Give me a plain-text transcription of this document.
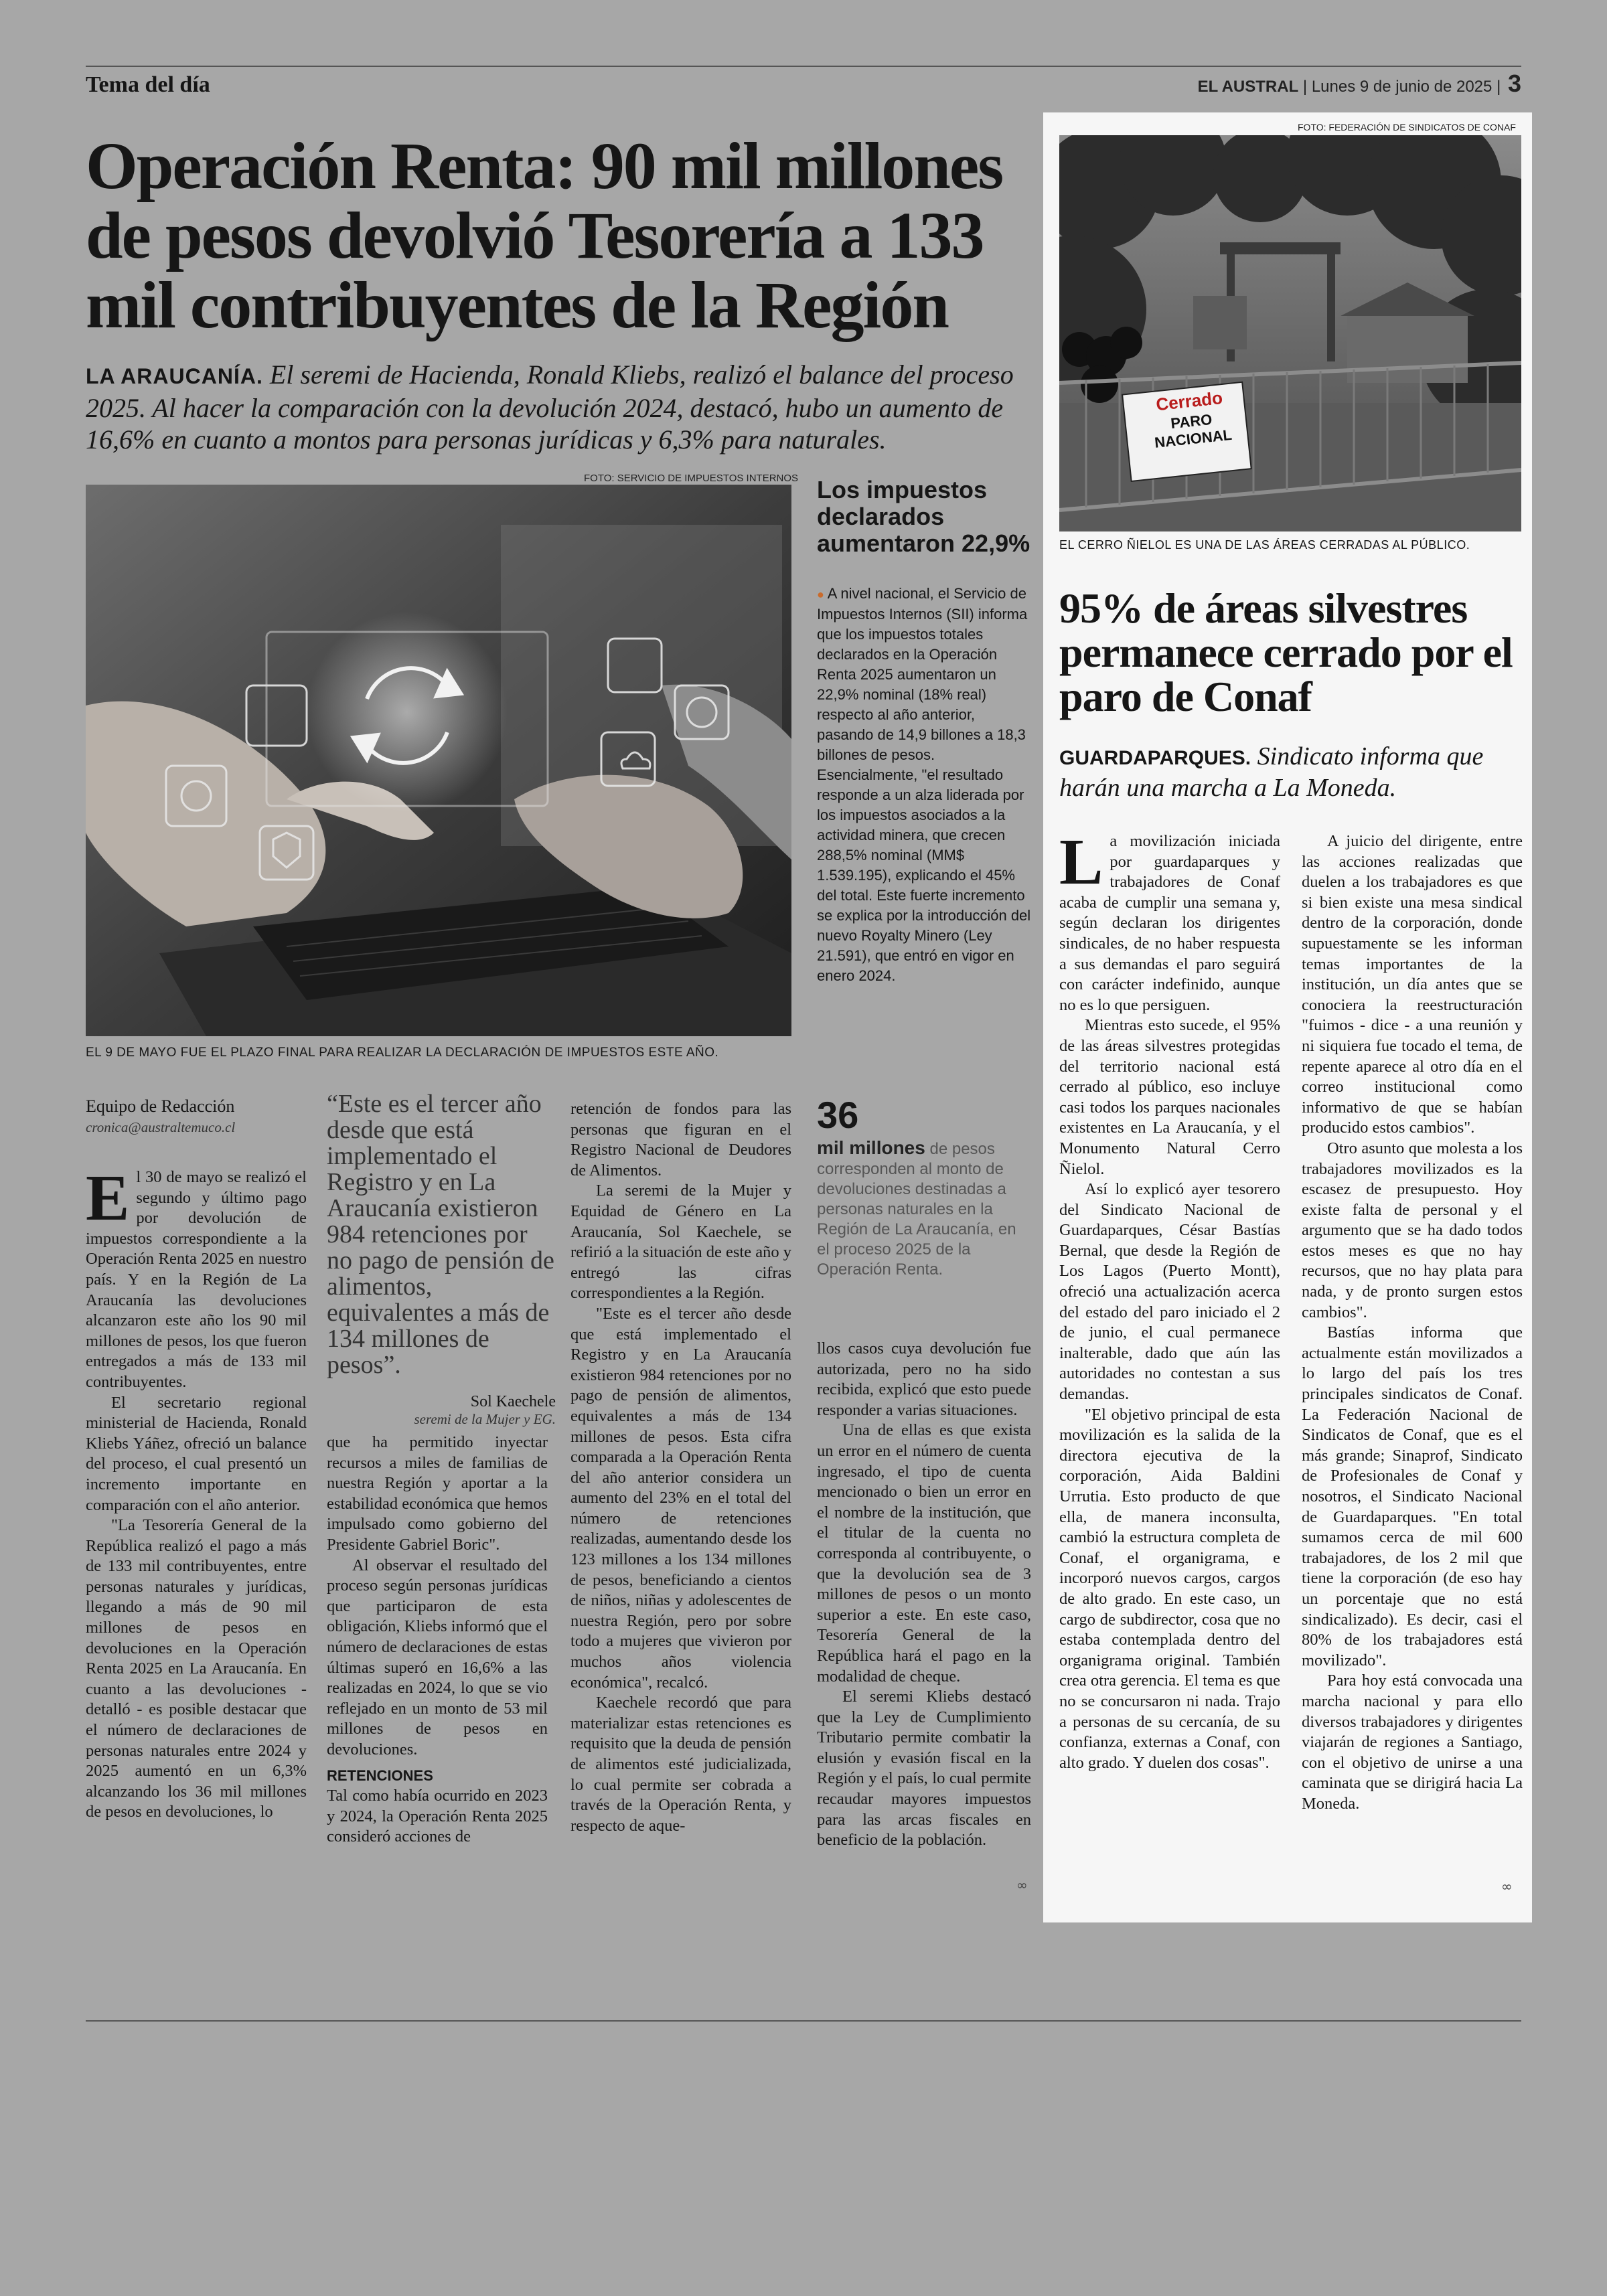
Tema del día	EL AUSTRAL | Lunes 9 de junio de 2025 | 3
Operación Renta: 90 mil millones de pesos devolvió Tesorería a 133 mil contribuyentes de la Región
LA ARAUCANÍA. El seremi de Hacienda, Ronald Kliebs, realizó el balance del proceso 2025. Al hacer la comparación con la devolución 2024, destacó, hubo un aumento de 16,6% en cuanto a montos para personas jurídicas y 6,3% para naturales.
FOTO: SERVICIO DE IMPUESTOS INTERNOS
EL 9 DE MAYO FUE EL PLAZO FINAL PARA REALIZAR LA DECLARACIÓN DE IMPUESTOS ESTE AÑO.
Los impuestos declarados aumentaron 22,9%
● A nivel nacional, el Servicio de Impuestos Internos (SII) informa que los impuestos totales declarados en la Operación Renta 2025 aumentaron un 22,9% nominal (18% real) respecto al año anterior, pasando de 14,9 billones a 18,3 billones de pesos. Esencialmente, "el resultado responde a un alza liderada por los impuestos asociados a la actividad minera, que crecen 288,5% nominal (MM$ 1.539.195), explicando el 45% del total. Este fuerte incremento se explica por la introducción del nuevo Royalty Minero (Ley 21.591), que entró en vigor en enero 2024.
Equipo de Redacción
cronica@australtemuco.cl
E l 30 de mayo se realizó el segundo y último pago por devolución de impuestos correspondiente a la Operación Renta 2025 en nuestro país. Y en la Región de La Araucanía las devoluciones alcanzaron este año los 90 mil millones de pesos, los que fueron entregados a más de 133 mil contribuyentes.

El secretario regional ministerial de Hacienda, Ronald Kliebs Yáñez, ofreció un balance del proceso, el cual presentó un incremento importante en comparación con el año anterior.

"La Tesorería General de la República realizó el pago a más de 133 mil contribuyentes, entre personas naturales y jurídicas, llegando a más de 90 mil millones de pesos en devoluciones en la Operación Renta 2025 en La Araucanía. En cuanto a las devoluciones - detalló - es posible destacar que el número de declaraciones de personas naturales entre 2024 y 2025 aumentó en un 6,3% alcanzando los 36 mil millones de pesos en devoluciones, lo

“Este es el tercer año desde que está implementado el Registro y en La Araucanía existieron 984 retenciones por no pago de pensión de alimentos, equivalentes a más de 134 millones de pesos”.
Sol Kaechele
seremi de la Mujer y EG.

que ha permitido inyectar recursos a miles de familias de nuestra Región y aportar a la estabilidad económica que hemos impulsado como gobierno del Presidente Gabriel Boric".

Al observar el resultado del proceso según personas jurídicas que participaron de esta obligación, Kliebs informó que el número de declaraciones de estas últimas superó en 16,6% a las realizadas en 2024, lo que se vio reflejado en un monto de 53 mil millones de pesos en devoluciones.

RETENCIONES

Tal como había ocurrido en 2023 y 2024, la Operación Renta 2025 consideró acciones de

retención de fondos para las personas que figuran en el Registro Nacional de Deudores de Alimentos.

La seremi de la Mujer y Equidad de Género en La Araucanía, Sol Kaechele, se refirió a la situación de este año y entregó las cifras correspondientes a la Región.

"Este es el tercer año desde que está implementado el Registro y en La Araucanía existieron 984 retenciones por no pago de pensión de alimentos, equivalentes a más de 134 millones de pesos. Esta cifra comparada a la Operación Renta del año anterior considera un aumento del 23% en el total del número de retenciones realizadas, aumentando desde los 123 millones a los 134 millones de pesos, beneficiando a cientos de niños, niñas y adolescentes de nuestra Región, pero por sobre todo a mujeres que vivieron por muchos años violencia económica", recalcó.

Kaechele recordó que para materializar estas retenciones es requisito que la deuda de pensión de alimentos esté judicializada, lo cual permite ser cobrada a través de la Operación Renta, y respecto de aque-

36
mil millones de pesos corresponden al monto de devoluciones destinadas a personas naturales en la Región de La Araucanía, en el proceso 2025 de la Operación Renta.

llos casos cuya devolución fue autorizada, pero no ha sido recibida, explicó que esto puede responder a varias situaciones.

Una de ellas es que exista un error en el número de cuenta ingresado, el tipo de cuenta mencionado o bien un error en el nombre de la institución, que el titular de la cuenta no corresponda al contribuyente, o que la devolución sea de 3 millones de pesos o un monto superior a este. En este caso, Tesorería General de la República hará el pago en la modalidad de cheque.

El seremi Kliebs destacó que la Ley de Cumplimiento Tributario permite combatir la elusión y evasión fiscal en la Región y el país, lo cual permite recaudar mayores impuestos para las arcas fiscales en beneficio de la población.

∞
FOTO: FEDERACIÓN DE SINDICATOS DE CONAF
Cerrado
PARO
NACIONAL
EL CERRO ÑIELOL ES UNA DE LAS ÁREAS CERRADAS AL PÚBLICO.
95% de áreas silvestres permanece cerrado por el paro de Conaf
GUARDAPARQUES. Sindicato informa que harán una marcha a La Moneda.
L a movilización iniciada por guardaparques y trabajadores de Conaf acaba de cumplir una semana y, según declaran los dirigentes sindicales, de no haber respuesta a sus demandas el paro seguirá con carácter indefinido, aunque no es lo que persiguen.

Mientras esto sucede, el 95% de las áreas silvestres protegidas del territorio nacional está cerrado al público, eso incluye casi todos los parques nacionales existentes en La Araucanía, y el Monumento Natural Cerro Ñielol.

Así lo explicó ayer tesorero del Sindicato Nacional de Guardaparques, César Bastías Bernal, que desde la Región de Los Lagos (Puerto Montt), ofreció una actualización acerca del estado del paro iniciado el 2 de junio, el cual permanece inalterable, dado que aún las autoridades no contestan a sus demandas.

"El objetivo principal de esta movilización es la salida de la directora ejecutiva de la corporación, Aida Baldini Urrutia. Esto producto de que ella, de manera inconsulta, cambió la estructura completa de Conaf, el organigrama, e incorporó nuevos cargos, cargos de alto grado. En este caso, un cargo de subdirector, cosa que no estaba contemplada dentro del organigrama original. También crea otra gerencia. El tema es que no se concursaron ni nada. Trajo a personas de su cercanía, de su confianza, externas a Conaf, con alto grado. Y duelen dos cosas".

A juicio del dirigente, entre las acciones realizadas que duelen a los trabajadores es que si bien existe una mesa sindical dentro de la corporación, donde supuestamente se les informan temas importantes de la institución, un día antes que se conociera la reestructuración "fuimos - dice - a una reunión y ni siquiera fue tocado el tema, de repente aparece al otro día en el correo institucional como informativo de que se habían producido estos cambios".

Otro asunto que molesta a los trabajadores movilizados es la escasez de presupuesto. Hoy existe falta de personal y el argumento que se ha dado todos estos meses es que no hay recursos, que no hay plata para nada, y de pronto surgen estos cambios".

Bastías informa que actualmente están movilizados a lo largo del país los tres principales sindicatos de Conaf. La Federación Nacional de Sindicatos de Conaf, que es el más grande; Sinaprof, Sindicato de Profesionales de Conaf y nosotros, el Sindicato Nacional de Guardaparques. "En total sumamos cerca de mil 600 trabajadores, de los 2 mil que tiene la corporación (de eso hay un porcentaje que no está sindicalizado). Es decir, casi el 80% de los trabajadores está movilizado".

Para hoy está convocada una marcha nacional y para ello diversos trabajadores y dirigentes viajarán de regiones a Santiago, con el objetivo de unirse a una caminata que se dirigirá hacia La Moneda.

∞
